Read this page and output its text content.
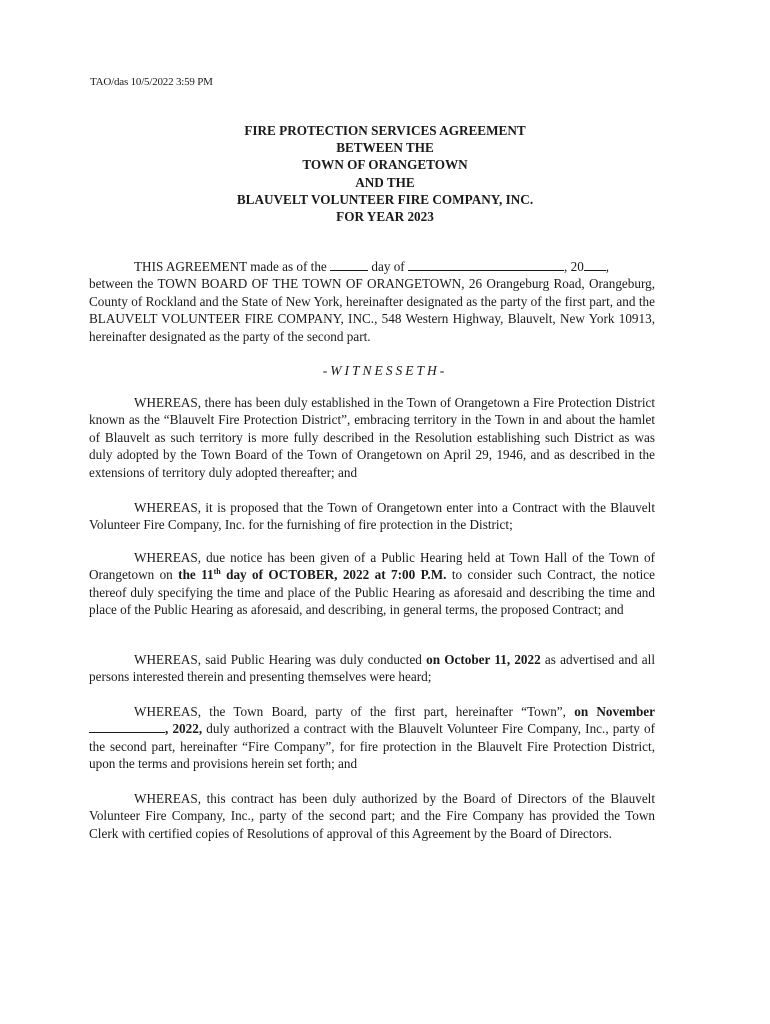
TAO/das 10/5/2022 3:59 PM
FIRE PROTECTION SERVICES AGREEMENT
BETWEEN THE
TOWN OF ORANGETOWN
AND THE
BLAUVELT VOLUNTEER FIRE COMPANY, INC.
FOR YEAR 2023
THIS AGREEMENT made as of the	day of	, 20 ,
between the TOWN BOARD OF THE TOWN OF ORANGETOWN, 26 Orangeburg Road, Orangeburg, County of Rockland and the State of New York, hereinafter designated as the party of the first part, and the BLAUVELT VOLUNTEER FIRE COMPANY, INC., 548 Western Highway, Blauvelt, New York 10913, hereinafter designated as the party of the second part.
-WITNESSETH-
WHEREAS, there has been duly established in the Town of Orangetown a Fire Protection District known as the “Blauvelt Fire Protection District”, embracing territory in the Town in and about the hamlet of Blauvelt as such territory is more fully described in the Resolution establishing such District as was duly adopted by the Town Board of the Town of Orangetown on April 29, 1946, and as described in the extensions of territory duly adopted thereafter; and
WHEREAS, it is proposed that the Town of Orangetown enter into a Contract with the Blauvelt Volunteer Fire Company, Inc. for the furnishing of fire protection in the District;
WHEREAS, due notice has been given of a Public Hearing held at Town Hall of the Town of Orangetown on the 11th day of OCTOBER, 2022 at 7:00 P.M. to consider such Contract, the notice thereof duly specifying the time and place of the Public Hearing as aforesaid and describing the time and place of the Public Hearing as aforesaid, and describing, in general terms, the proposed Contract; and
WHEREAS, said Public Hearing was duly conducted on October 11, 2022 as advertised and all persons interested therein and presenting themselves were heard;
WHEREAS, the Town Board, party of the first part, hereinafter “Town”, on November , 2022, duly authorized a contract with the Blauvelt Volunteer Fire Company, Inc., party of the second part, hereinafter “Fire Company”, for fire protection in the Blauvelt Fire Protection District, upon the terms and provisions herein set forth; and
WHEREAS, this contract has been duly authorized by the Board of Directors of the Blauvelt Volunteer Fire Company, Inc., party of the second part; and the Fire Company has provided the Town Clerk with certified copies of Resolutions of approval of this Agreement by the Board of Directors.
